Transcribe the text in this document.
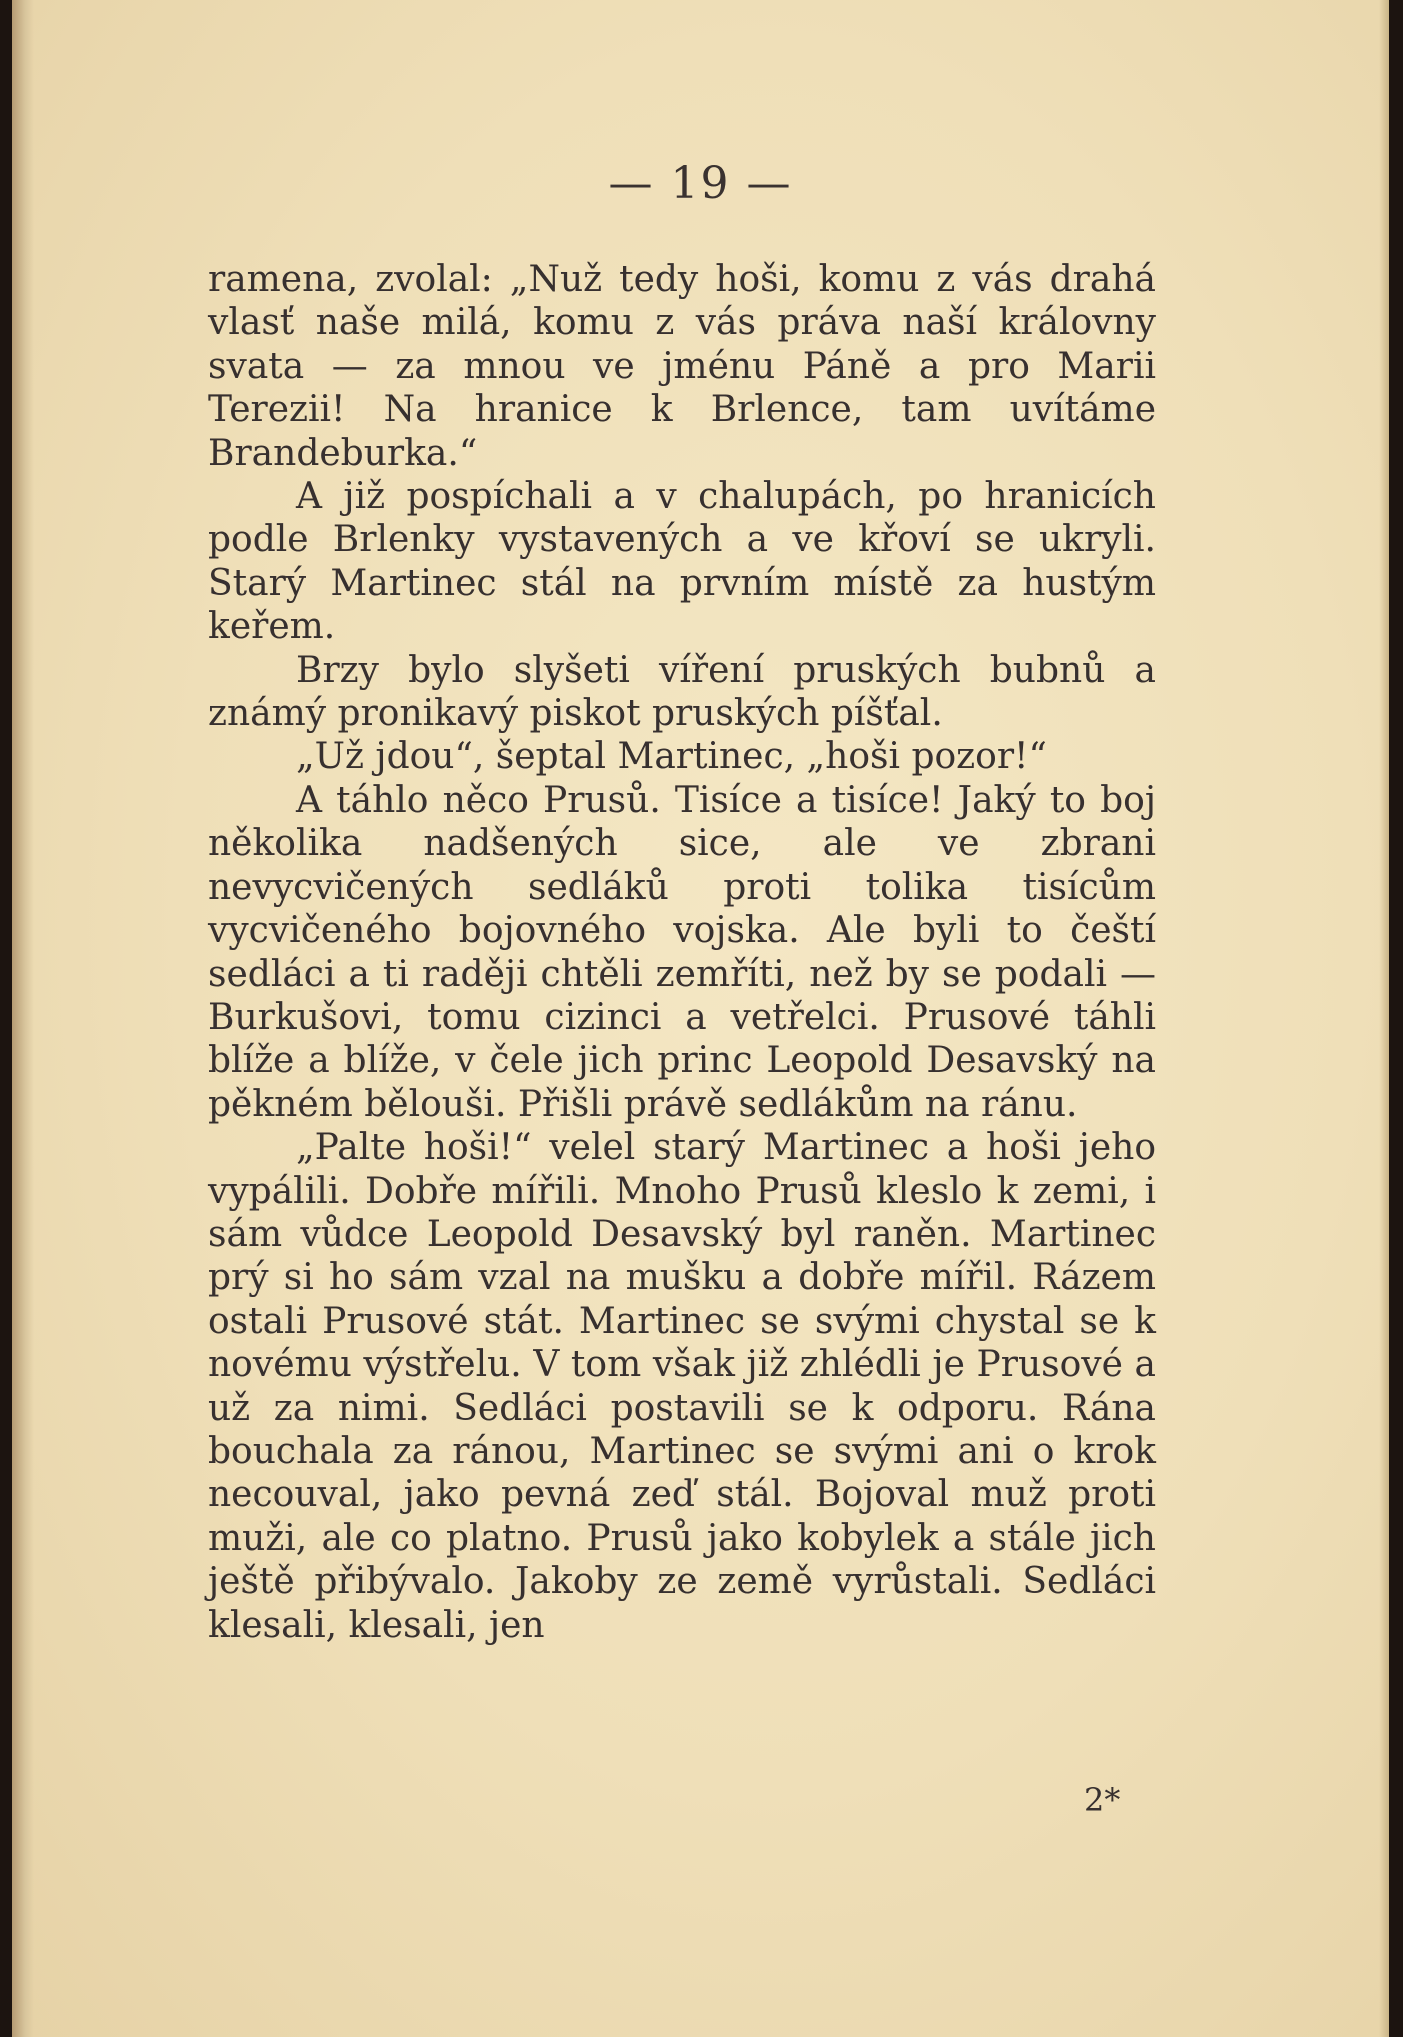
— 19 —

ramena, zvolal: „Nuž tedy hoši, komu z vás drahá vlasť naše milá, komu z vás práva naší královny svata — za mnou ve jménu Páně a pro Marii Terezii! Na hranice k Brlence, tam uvítáme Brandeburka.“

A již pospíchali a v chalupách, po hranicích podle Brlenky vystavených a ve křoví se ukryli. Starý Martinec stál na prvním místě za hustým keřem.

Brzy bylo slyšeti víření pruských bubnů a známý pronikavý piskot pruských píšťal.

„Už jdou“, šeptal Martinec, „hoši pozor!“

A táhlo něco Prusů. Tisíce a tisíce! Jaký to boj několika nadšených sice, ale ve zbrani nevycvičených sedláků proti tolika tisícům vycvičeného bojovného vojska. Ale byli to čeští sedláci a ti raději chtěli zemříti, než by se podali — Burkušovi, tomu cizinci a vetřelci. Prusové táhli blíže a blíže, v čele jich princ Leopold Desavský na pěkném bělouši. Přišli právě sedlákům na ránu.

„Palte hoši!“ velel starý Martinec a hoši jeho vypálili. Dobře mířili. Mnoho Prusů kleslo k zemi, i sám vůdce Leopold Desavský byl raněn. Martinec prý si ho sám vzal na mušku a dobře mířil. Rázem ostali Prusové stát. Martinec se svými chystal se k novému výstřelu. V tom však již zhlédli je Prusové a už za nimi. Sedláci postavili se k odporu. Rána bouchala za ránou, Martinec se svými ani o krok necouval, jako pevná zeď stál. Bojoval muž proti muži, ale co platno. Prusů jako kobylek a stále jich ještě přibývalo. Jakoby ze země vyrůstali. Sedláci klesali, klesali, jen

2*
